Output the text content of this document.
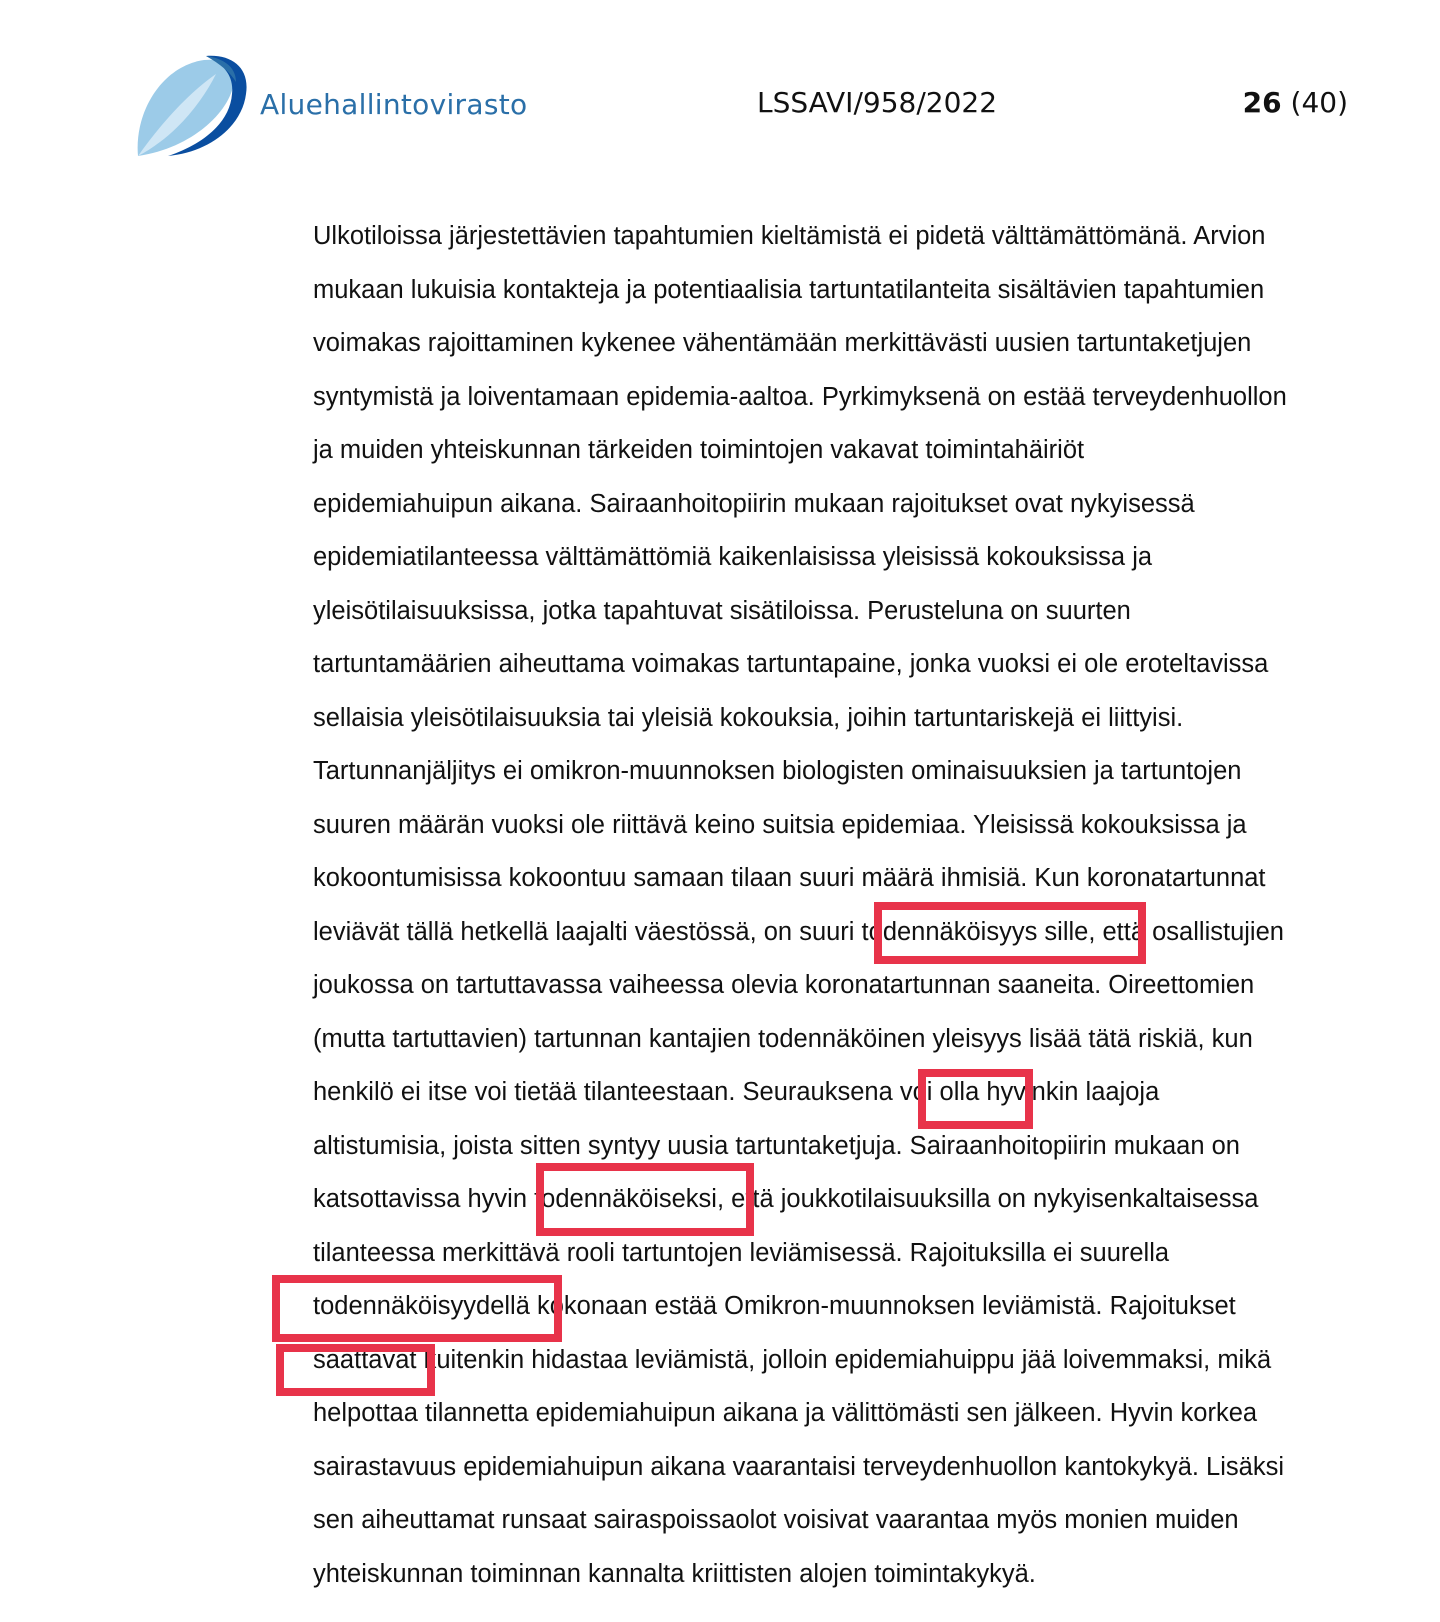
Aluehallintovirasto	LSSAVI/958/2022	26 (40)
Ulkotiloissa järjestettävien tapahtumien kieltämistä ei pidetä välttämättömänä. Arvion
mukaan lukuisia kontakteja ja potentiaalisia tartuntatilanteita sisältävien tapahtumien
voimakas rajoittaminen kykenee vähentämään merkittävästi uusien tartuntaketjujen
syntymistä ja loiventamaan epidemia-aaltoa. Pyrkimyksenä on estää terveydenhuollon
ja muiden yhteiskunnan tärkeiden toimintojen vakavat toimintahäiriöt
epidemiahuipun aikana. Sairaanhoitopiirin mukaan rajoitukset ovat nykyisessä
epidemiatilanteessa välttämättömiä kaikenlaisissa yleisissä kokouksissa ja
yleisötilaisuuksissa, jotka tapahtuvat sisätiloissa. Perusteluna on suurten
tartuntamäärien aiheuttama voimakas tartuntapaine, jonka vuoksi ei ole eroteltavissa
sellaisia yleisötilaisuuksia tai yleisiä kokouksia, joihin tartuntariskejä ei liittyisi.
Tartunnanjäljitys ei omikron-muunnoksen biologisten ominaisuuksien ja tartuntojen
suuren määrän vuoksi ole riittävä keino suitsia epidemiaa. Yleisissä kokouksissa ja
kokoontumisissa kokoontuu samaan tilaan suuri määrä ihmisiä. Kun koronatartunnat
leviävät tällä hetkellä laajalti väestössä, on suuri todennäköisyys sille, että osallistujien
joukossa on tartuttavassa vaiheessa olevia koronatartunnan saaneita. Oireettomien
(mutta tartuttavien) tartunnan kantajien todennäköinen yleisyys lisää tätä riskiä, kun
henkilö ei itse voi tietää tilanteestaan. Seurauksena voi olla hyvinkin laajoja
altistumisia, joista sitten syntyy uusia tartuntaketjuja. Sairaanhoitopiirin mukaan on
katsottavissa hyvin todennäköiseksi, että joukkotilaisuuksilla on nykyisenkaltaisessa
tilanteessa merkittävä rooli tartuntojen leviämisessä. Rajoituksilla ei suurella
todennäköisyydellä kokonaan estää Omikron-muunnoksen leviämistä. Rajoitukset
saattavat kuitenkin hidastaa leviämistä, jolloin epidemiahuippu jää loivemmaksi, mikä
helpottaa tilannetta epidemiahuipun aikana ja välittömästi sen jälkeen. Hyvin korkea
sairastavuus epidemiahuipun aikana vaarantaisi terveydenhuollon kantokykyä. Lisäksi
sen aiheuttamat runsaat sairaspoissaolot voisivat vaarantaa myös monien muiden
yhteiskunnan toiminnan kannalta kriittisten alojen toimintakykyä.
